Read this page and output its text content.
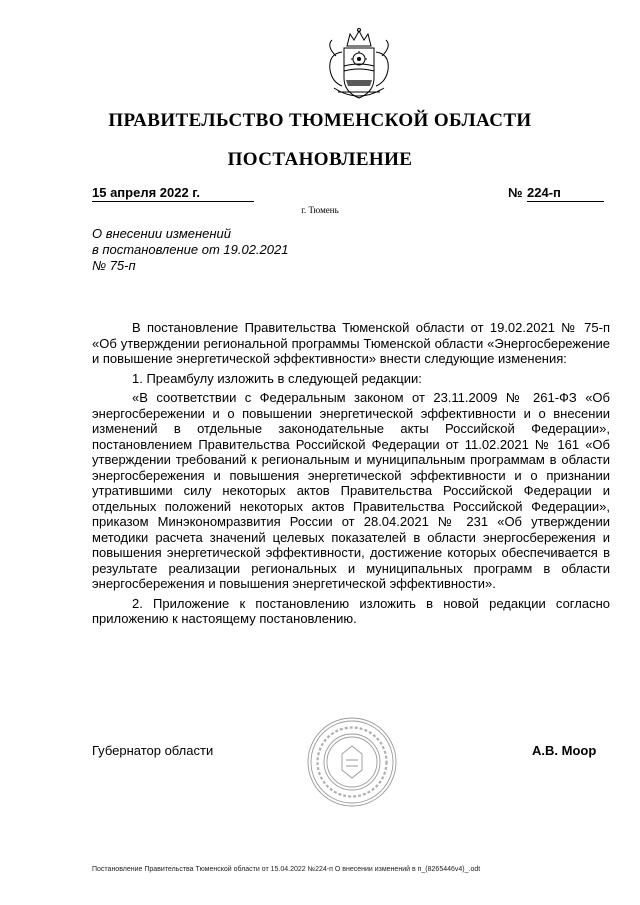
ПРАВИТЕЛЬСТВО ТЮМЕНСКОЙ ОБЛАСТИ
ПОСТАНОВЛЕНИЕ
15 апреля 2022 г.	№ 224-п
г. Тюмень
О внесении изменений
в постановление от 19.02.2021
№ 75-п

В постановление Правительства Тюменской области от 19.02.2021 № 75-п «Об утверждении региональной программы Тюменской области «Энергосбережение и повышение энергетической эффективности» внести следующие изменения:

1. Преамбулу изложить в следующей редакции:

«В соответствии с Федеральным законом от 23.11.2009 № 261-ФЗ «Об энергосбережении и о повышении энергетической эффективности и о внесении изменений в отдельные законодательные акты Российской Федерации», постановлением Правительства Российской Федерации от 11.02.2021 № 161 «Об утверждении требований к региональным и муниципальным программам в области энергосбережения и повышения энергетической эффективности и о признании утратившими силу некоторых актов Правительства Российской Федерации и отдельных положений некоторых актов Правительства Российской Федерации», приказом Минэкономразвития России от 28.04.2021 № 231 «Об утверждении методики расчета значений целевых показателей в области энергосбережения и повышения энергетической эффективности, достижение которых обеспечивается в результате реализации региональных и муниципальных программ в области энергосбережения и повышения энергетической эффективности».

2. Приложение к постановлению изложить в новой редакции согласно приложению к настоящему постановлению.

Губернатор области	А.В. Моор
Постановление Правительства Тюменской области от 15.04.2022 №224-п О внесении изменений в п_(8265446v4)_.odt
